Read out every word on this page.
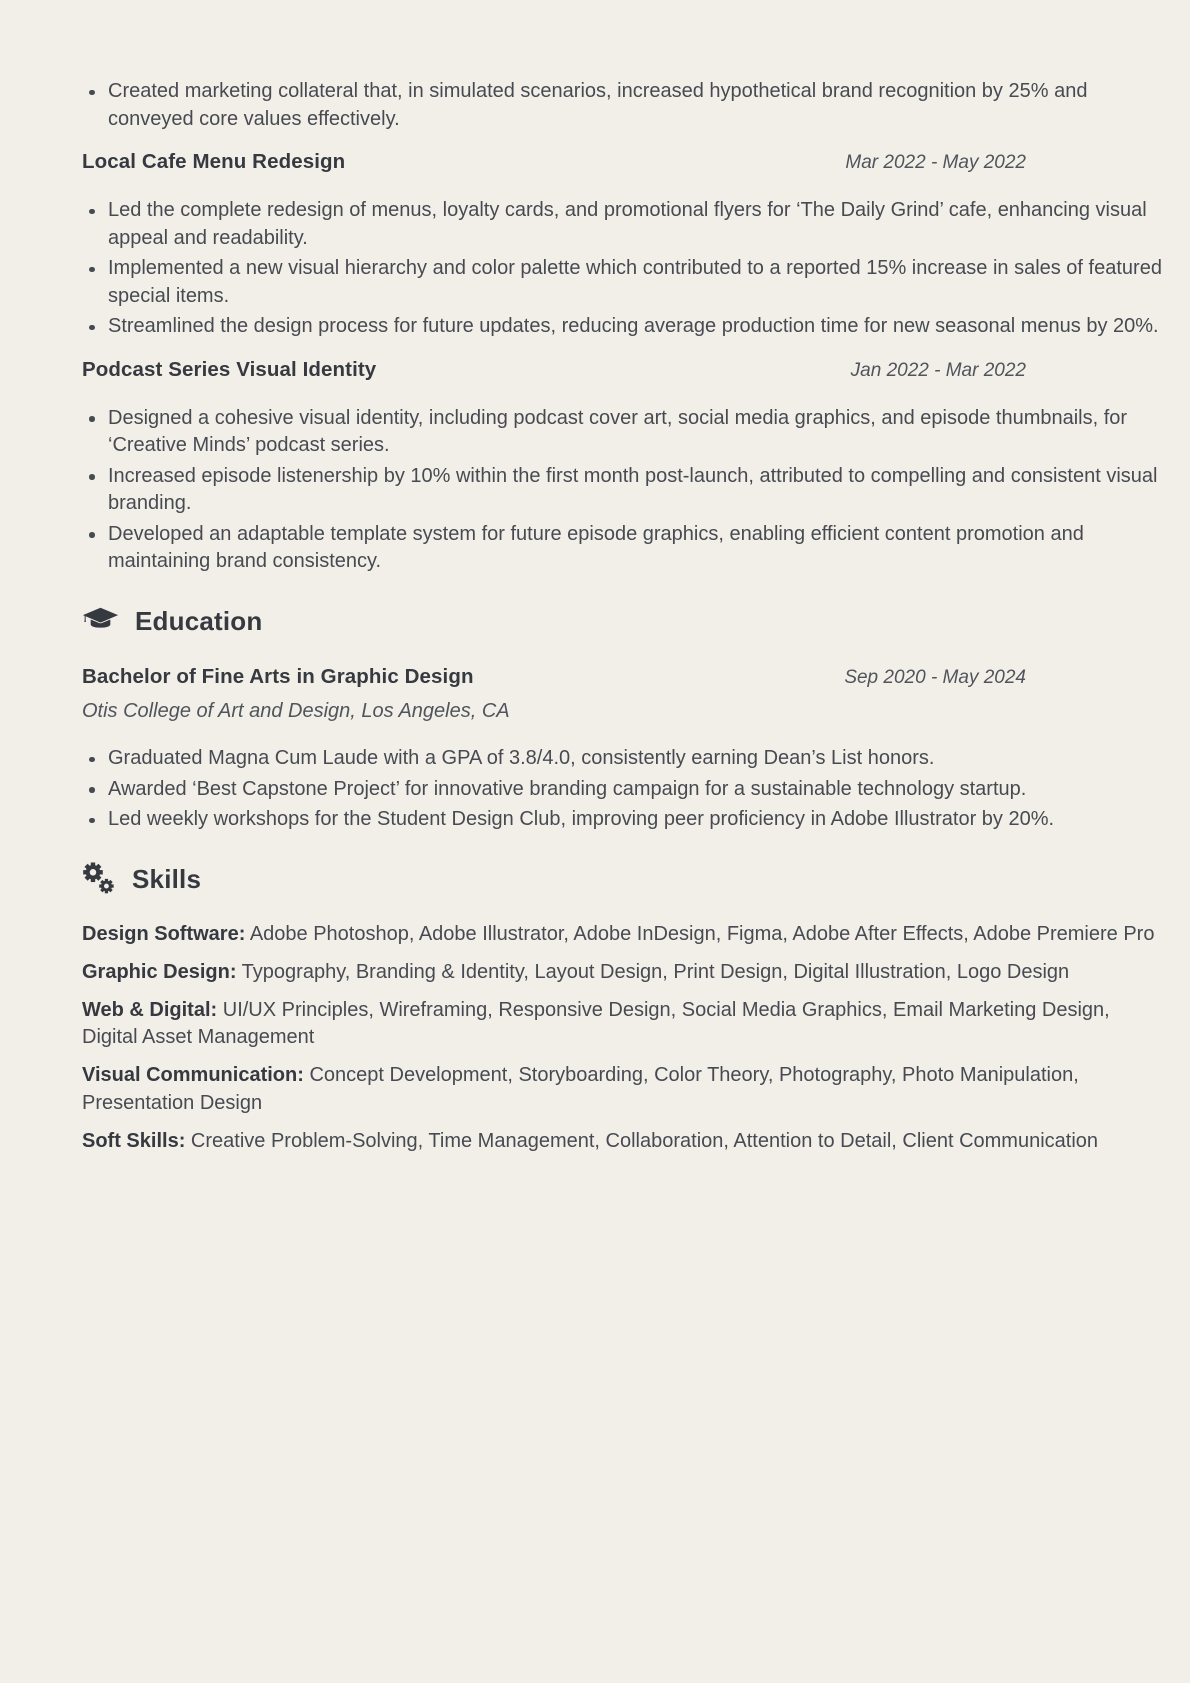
Created marketing collateral that, in simulated scenarios, increased hypothetical brand recognition by 25% and conveyed core values effectively.
Local Cafe Menu Redesign	Mar 2022 - May 2022
Led the complete redesign of menus, loyalty cards, and promotional flyers for ‘The Daily Grind’ cafe, enhancing visual appeal and readability.
Implemented a new visual hierarchy and color palette which contributed to a reported 15% increase in sales of featured special items.
Streamlined the design process for future updates, reducing average production time for new seasonal menus by 20%.
Podcast Series Visual Identity	Jan 2022 - Mar 2022
Designed a cohesive visual identity, including podcast cover art, social media graphics, and episode thumbnails, for ‘Creative Minds’ podcast series.
Increased episode listenership by 10% within the first month post-launch, attributed to compelling and consistent visual branding.
Developed an adaptable template system for future episode graphics, enabling efficient content promotion and maintaining brand consistency.
Education
Bachelor of Fine Arts in Graphic Design	Sep 2020 - May 2024
Otis College of Art and Design, Los Angeles, CA
Graduated Magna Cum Laude with a GPA of 3.8/4.0, consistently earning Dean’s List honors.
Awarded ‘Best Capstone Project’ for innovative branding campaign for a sustainable technology startup.
Led weekly workshops for the Student Design Club, improving peer proficiency in Adobe Illustrator by 20%.
Skills

Design Software: Adobe Photoshop, Adobe Illustrator, Adobe InDesign, Figma, Adobe After Effects, Adobe Premiere Pro

Graphic Design: Typography, Branding & Identity, Layout Design, Print Design, Digital Illustration, Logo Design

Web & Digital: UI/UX Principles, Wireframing, Responsive Design, Social Media Graphics, Email Marketing Design, Digital Asset Management

Visual Communication: Concept Development, Storyboarding, Color Theory, Photography, Photo Manipulation, Presentation Design

Soft Skills: Creative Problem-Solving, Time Management, Collaboration, Attention to Detail, Client Communication
